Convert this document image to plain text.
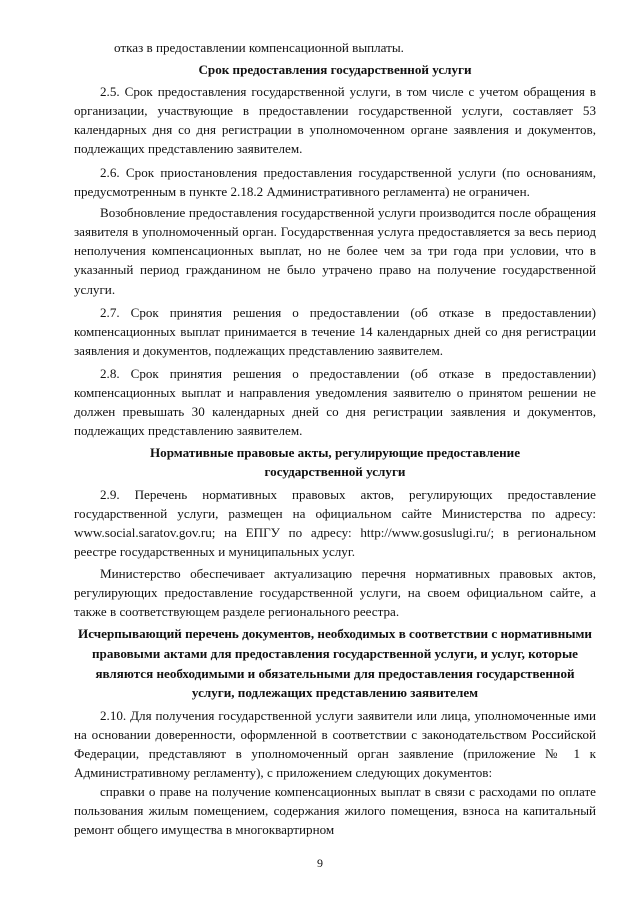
отказ в предоставлении компенсационной выплаты.

Срок предоставления государственной услуги

2.5. Срок предоставления государственной услуги, в том числе с учетом обращения в организации, участвующие в предоставлении государственной услуги, составляет 53 календарных дня со дня регистрации в уполномоченном органе заявления и документов, подлежащих представлению заявителем.

2.6. Срок приостановления предоставления государственной услуги (по основаниям, предусмотренным в пункте 2.18.2 Административного регламента) не ограничен.

Возобновление предоставления государственной услуги производится после обращения заявителя в уполномоченный орган. Государственная услуга предоставляется за весь период неполучения компенсационных выплат, но не более чем за три года при условии, что в указанный период гражданином не было утрачено право на получение государственной услуги.

2.7. Срок принятия решения о предоставлении (об отказе в предоставлении) компенсационных выплат принимается в течение 14 календарных дней со дня регистрации заявления и документов, подлежащих представлению заявителем.

2.8. Срок принятия решения о предоставлении (об отказе в предоставлении) компенсационных выплат и направления уведомления заявителю о принятом решении не должен превышать 30 календарных дней со дня регистрации заявления и документов, подлежащих представлению заявителем.

Нормативные правовые акты, регулирующие предоставление государственной услуги

2.9. Перечень нормативных правовых актов, регулирующих предоставление государственной услуги, размещен на официальном сайте Министерства по адресу: www.social.saratov.gov.ru; на ЕПГУ по адресу: http://www.gosuslugi.ru/; в региональном реестре государственных и муниципальных услуг.

Министерство обеспечивает актуализацию перечня нормативных правовых актов, регулирующих предоставление государственной услуги, на своем официальном сайте, а также в соответствующем разделе регионального реестра.

Исчерпывающий перечень документов, необходимых в соответствии с нормативными правовыми актами для предоставления государственной услуги, и услуг, которые являются необходимыми и обязательными для предоставления государственной услуги, подлежащих представлению заявителем

2.10. Для получения государственной услуги заявители или лица, уполномоченные ими на основании доверенности, оформленной в соответствии с законодательством Российской Федерации, представляют в уполномоченный орган заявление (приложение № 1 к Административному регламенту), с приложением следующих документов:

справки о праве на получение компенсационных выплат в связи с расходами по оплате пользования жилым помещением, содержания жилого помещения, взноса на капитальный ремонт общего имущества в многоквартирном

9
